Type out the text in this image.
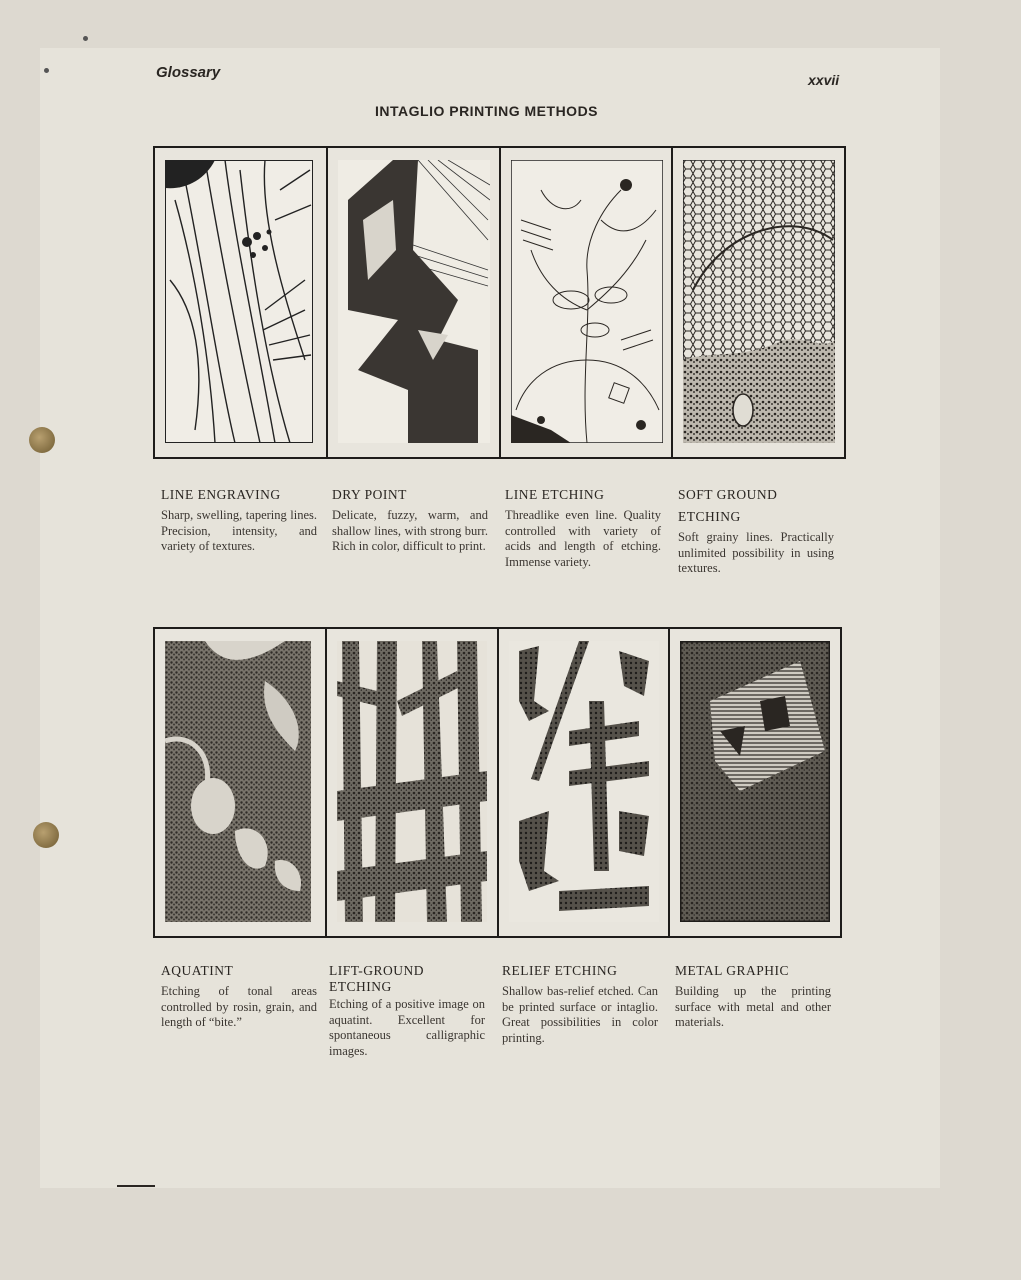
Glossary	xxvii
INTAGLIO PRINTING METHODS
LINE ENGRAVING
Sharp, swelling, tapering lines. Precision, intensity, and variety of textures.
DRY POINT
Delicate, fuzzy, warm, and shallow lines, with strong burr. Rich in color, difficult to print.
LINE ETCHING
Threadlike even line. Quality controlled with variety of acids and length of etching. Immense variety.
SOFT GROUND ETCHING
Soft grainy lines. Practically unlimited possibility in using textures.
AQUATINT
Etching of tonal areas controlled by rosin, grain, and length of “bite.”
LIFT-GROUND ETCHING
Etching of a positive image on aquatint. Excellent for spontaneous calligraphic images.
RELIEF ETCHING
Shallow bas-relief etched. Can be printed surface or intaglio. Great possibilities in color printing.
METAL GRAPHIC
Building up the printing surface with metal and other materials.
